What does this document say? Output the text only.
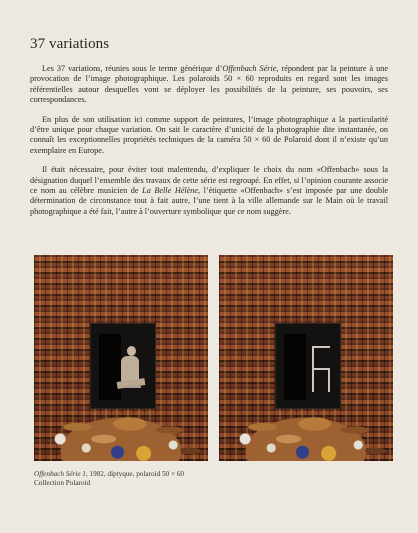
37 variations

Les 37 variations, réunies sous le terme générique d’Offenbach Série, répondent par la peinture à une provocation de l’image photographique. Les polaroids 50 × 60 reproduits en regard sont les images référentielles autour desquelles vont se déployer les possibilités de la peinture, ses pouvoirs, ses correspondances.

En plus de son utilisation ici comme support de peintures, l’image photographique a la particularité d’être unique pour chaque variation. On sait le caractère d’unicité de la photographie dite instantanée, on connaît les exceptionnelles propriétés techniques de la caméra 50 × 60 de Polaroid dont il n’existe qu’un exemplaire en Europe.

Il était nécessaire, pour éviter tout malentendu, d’expliquer le choix du nom «Offenbach» sous la désignation duquel l’ensemble des travaux de cette série est regroupé. En effet, si l’opinion courante associe ce nom au célèbre musicien de La Belle Hélène, l’étiquette «Offenbach» s’est imposée par une double détermination de circonstance tout à fait autre, l’une tient à la ville allemande sur le Main où le travail photographique a été fait, l’autre à l’ouverture symbolique que ce nom suggère.

Offenbach Série 1, 1982, diptyque, polaroid 50 × 60
Collection Polaroid
